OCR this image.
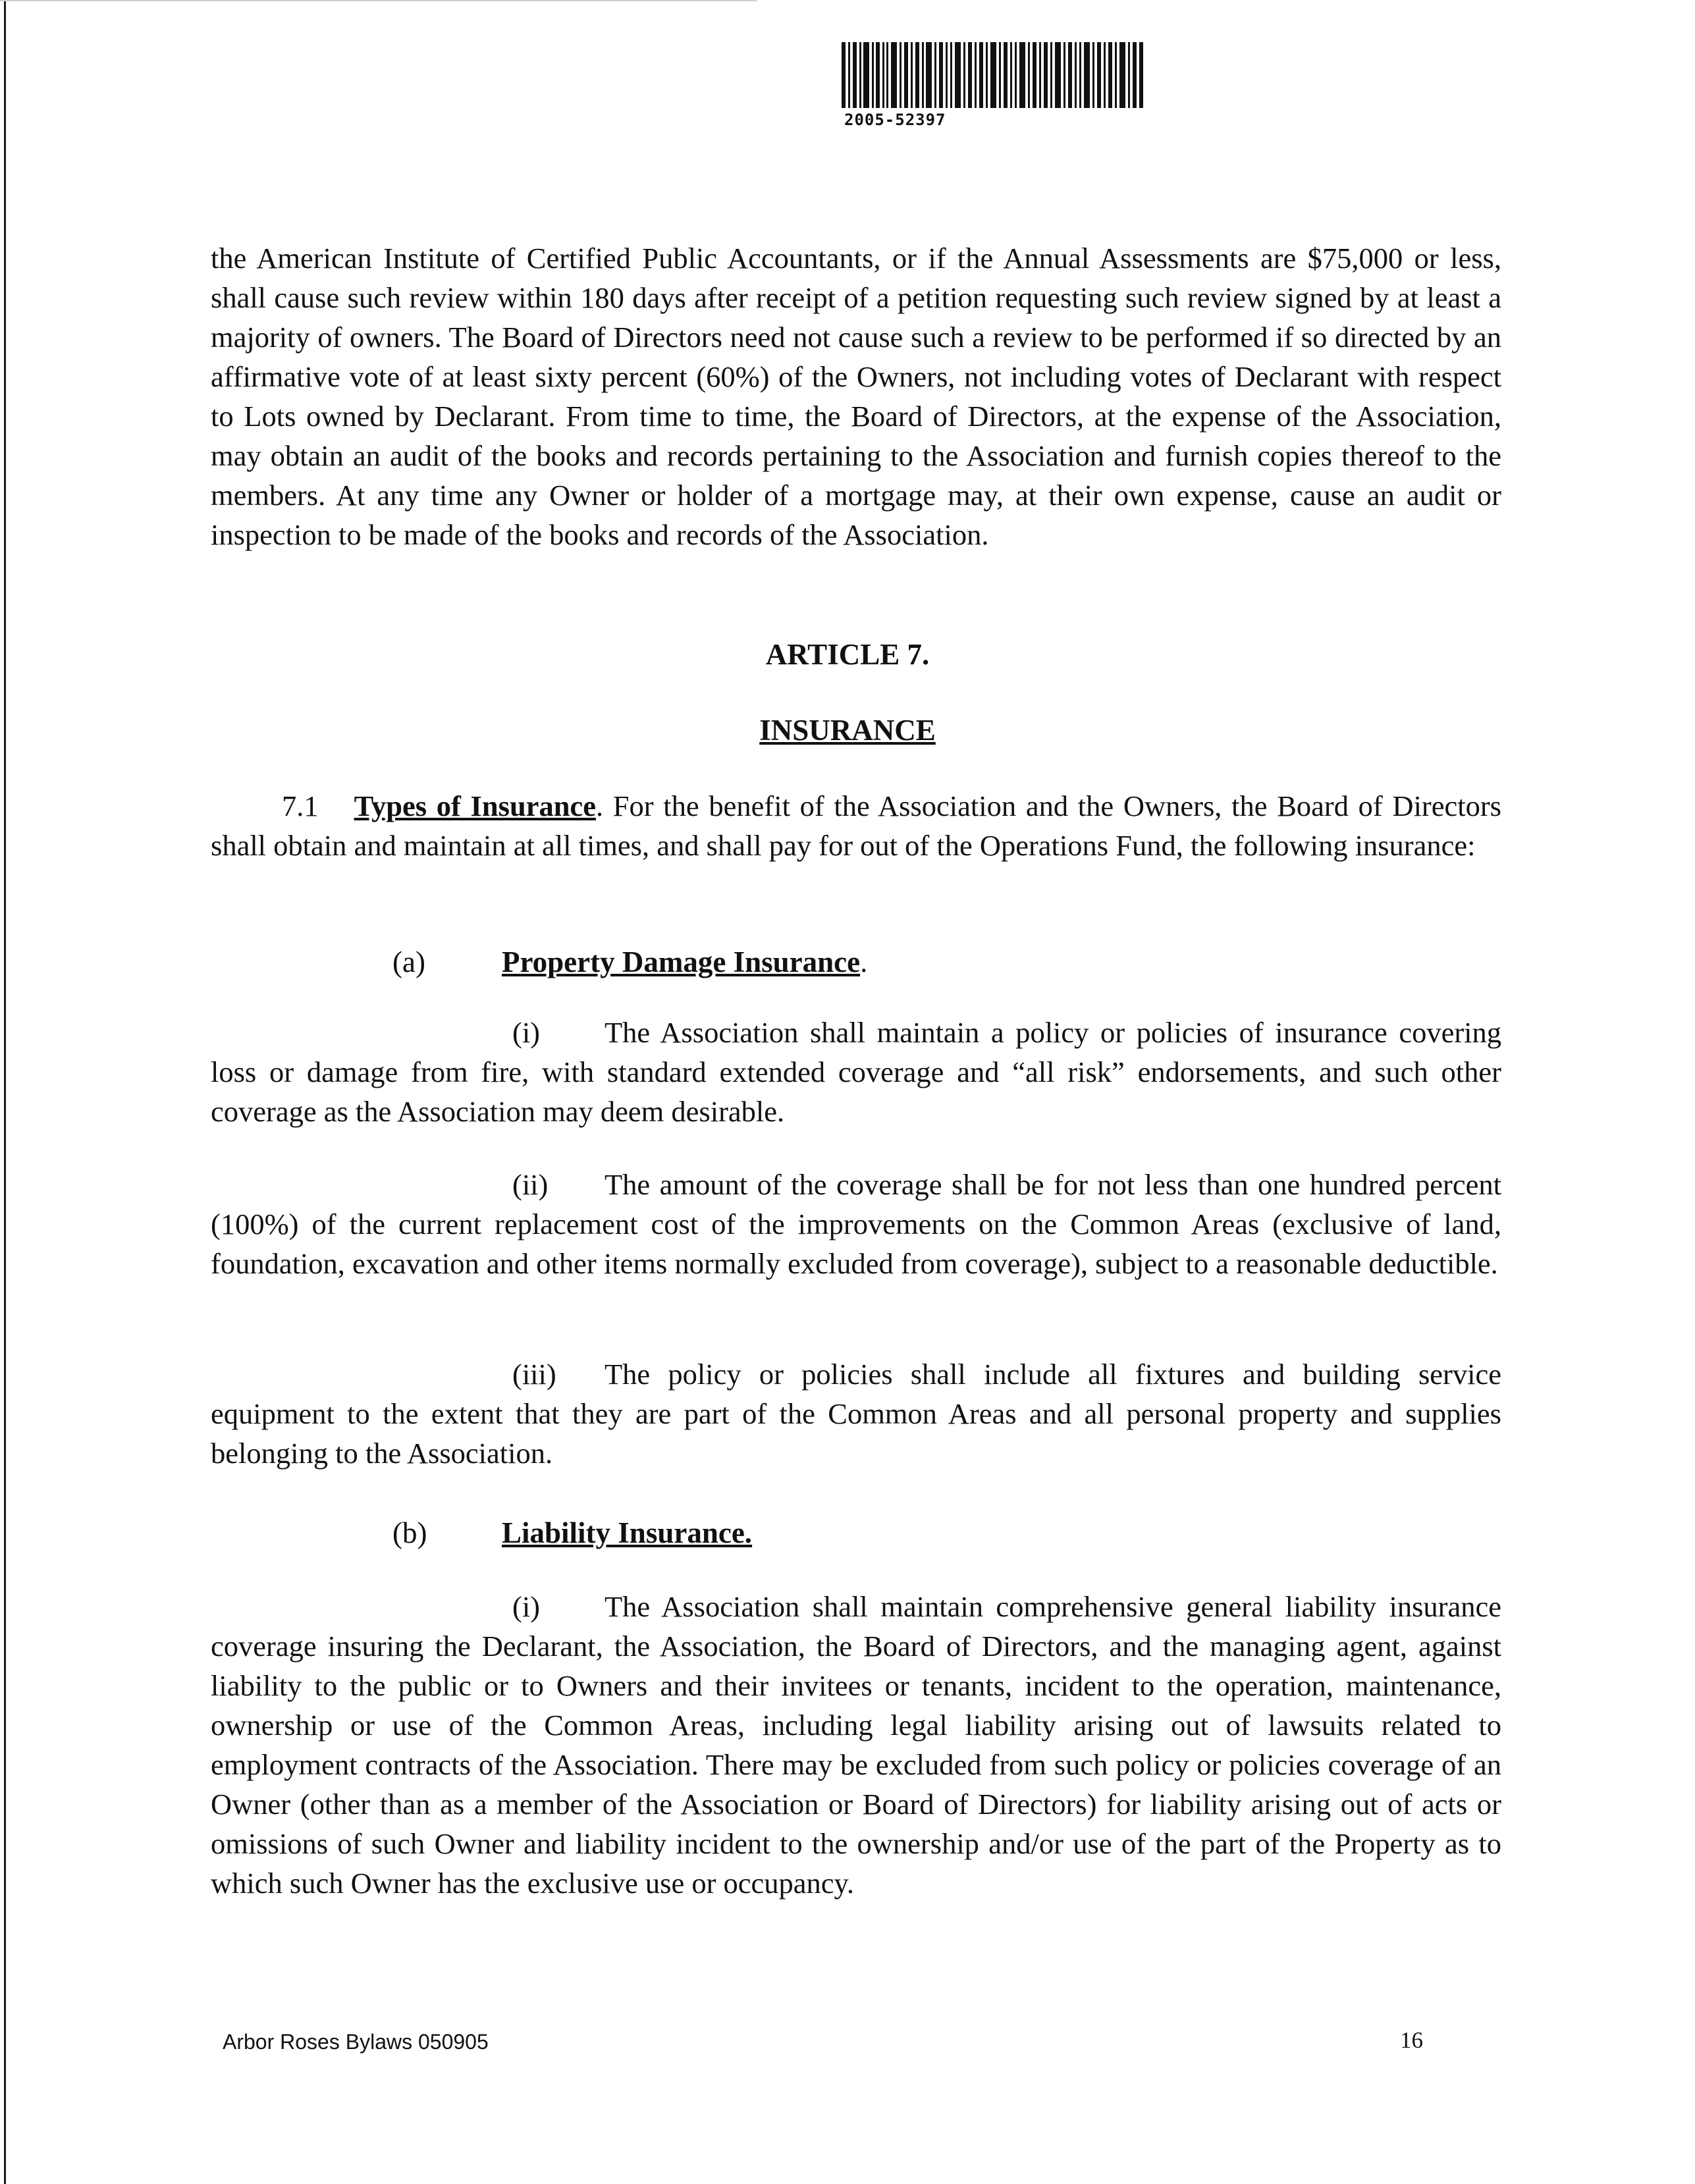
2005-52397

the American Institute of Certified Public Accountants, or if the Annual Assessments are $75,000 or less, shall cause such review within 180 days after receipt of a petition requesting such review signed by at least a majority of owners. The Board of Directors need not cause such a review to be performed if so directed by an affirmative vote of at least sixty percent (60%) of the Owners, not including votes of Declarant with respect to Lots owned by Declarant. From time to time, the Board of Directors, at the expense of the Association, may obtain an audit of the books and records pertaining to the Association and furnish copies thereof to the members. At any time any Owner or holder of a mortgage may, at their own expense, cause an audit or inspection to be made of the books and records of the Association.

ARTICLE 7.
INSURANCE

7.1 Types of Insurance. For the benefit of the Association and the Owners, the Board of Directors shall obtain and maintain at all times, and shall pay for out of the Operations Fund, the following insurance:

(a)	Property Damage Insurance.

(i) The Association shall maintain a policy or policies of insurance covering loss or damage from fire, with standard extended coverage and “all risk” endorsements, and such other coverage as the Association may deem desirable.

(ii) The amount of the coverage shall be for not less than one hundred percent (100%) of the current replacement cost of the improvements on the Common Areas (exclusive of land, foundation, excavation and other items normally excluded from coverage), subject to a reasonable deductible.

(iii) The policy or policies shall include all fixtures and building service equipment to the extent that they are part of the Common Areas and all personal property and supplies belonging to the Association.

(b)	Liability Insurance.

(i) The Association shall maintain comprehensive general liability insurance coverage insuring the Declarant, the Association, the Board of Directors, and the managing agent, against liability to the public or to Owners and their invitees or tenants, incident to the operation, maintenance, ownership or use of the Common Areas, including legal liability arising out of lawsuits related to employment contracts of the Association. There may be excluded from such policy or policies coverage of an Owner (other than as a member of the Association or Board of Directors) for liability arising out of acts or omissions of such Owner and liability incident to the ownership and/or use of the part of the Property as to which such Owner has the exclusive use or occupancy.

Arbor Roses Bylaws 050905	16
